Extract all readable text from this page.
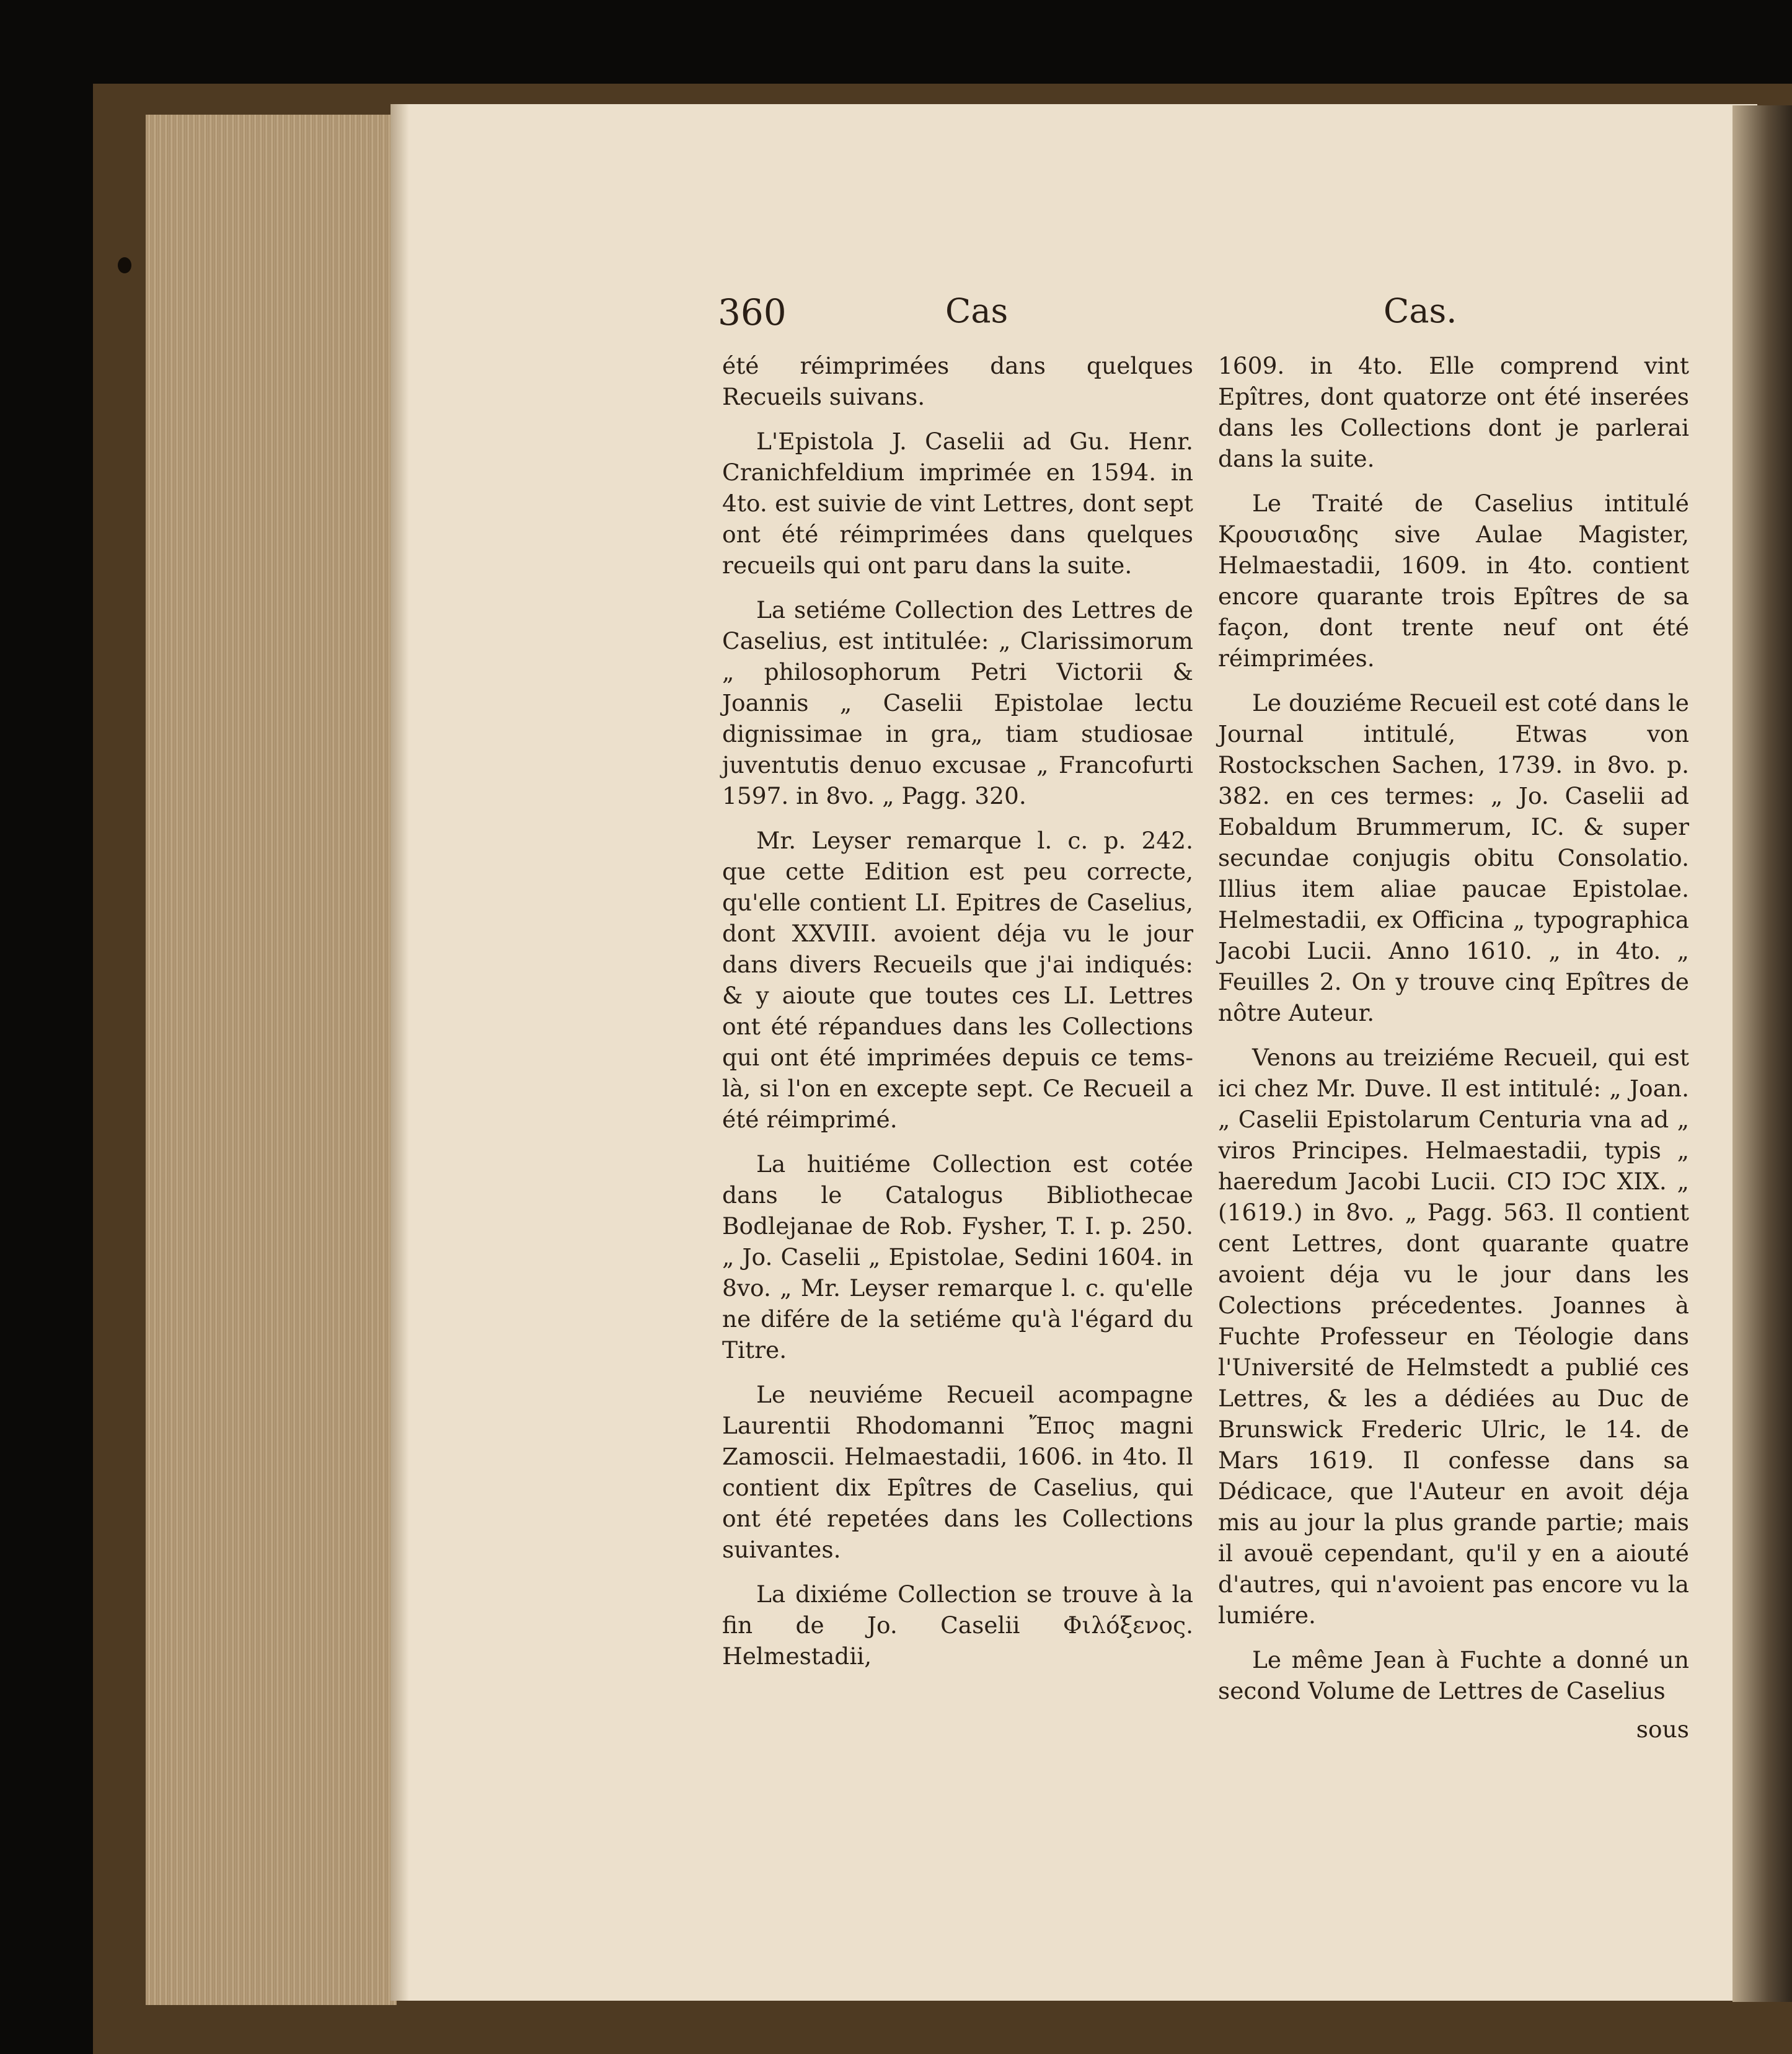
360	Cas	Cas.

été réimprimées dans quelques Recueils suivans.

L'Epistola J. Caselii ad Gu. Henr. Cranichfeldium imprimée en 1594. in 4to. est suivie de vint Lettres, dont sept ont été réimprimées dans quelques recueils qui ont paru dans la suite.

La setiéme Collection des Lettres de Caselius, est intitulée: „ Clarissimorum „ philosophorum Petri Victorii & Joannis „ Caselii Epistolae lectu dignissimae in gra„ tiam studiosae juventutis denuo excusae „ Francofurti 1597. in 8vo. „ Pagg. 320.

Mr. Leyser remarque l. c. p. 242. que cette Edition est peu correcte, qu'elle contient LI. Epitres de Caselius, dont XXVIII. avoient déja vu le jour dans divers Recueils que j'ai indiqués: & y aioute que toutes ces LI. Lettres ont été répandues dans les Collections qui ont été imprimées depuis ce tems-là, si l'on en excepte sept. Ce Recueil a été réimprimé.

La huitiéme Collection est cotée dans le Catalogus Bibliothecae Bodlejanae de Rob. Fysher, T. I. p. 250. „ Jo. Caselii „ Epistolae, Sedini 1604. in 8vo. „ Mr. Leyser remarque l. c. qu'elle ne difére de la setiéme qu'à l'égard du Titre.

Le neuviéme Recueil acompagne Laurentii Rhodomanni Ἔπος magni Zamoscii. Helmaestadii, 1606. in 4to. Il contient dix Epîtres de Caselius, qui ont été repetées dans les Collections suivantes.

La dixiéme Collection se trouve à la fin de Jo. Caselii Φιλόξενος. Helmestadii,

1609. in 4to. Elle comprend vint Epîtres, dont quatorze ont été inserées dans les Collections dont je parlerai dans la suite.

Le Traité de Caselius intitulé Κρουσιαδης sive Aulae Magister, Helmaestadii, 1609. in 4to. contient encore quarante trois Epîtres de sa façon, dont trente neuf ont été réimprimées.

Le douziéme Recueil est coté dans le Journal intitulé, Etwas von Rostockschen Sachen, 1739. in 8vo. p. 382. en ces termes: „ Jo. Caselii ad Eobaldum Brummerum, IC. & super secundae conjugis obitu Consolatio. Illius item aliae paucae Epistolae. Helmestadii, ex Officina „ typographica Jacobi Lucii. Anno 1610. „ in 4to. „ Feuilles 2. On y trouve cinq Epîtres de nôtre Auteur.

Venons au treiziéme Recueil, qui est ici chez Mr. Duve. Il est intitulé: „ Joan. „ Caselii Epistolarum Centuria vna ad „ viros Principes. Helmaestadii, typis „ haeredum Jacobi Lucii. CIↃ IↃC XIX. „ (1619.) in 8vo. „ Pagg. 563. Il contient cent Lettres, dont quarante quatre avoient déja vu le jour dans les Colections précedentes. Joannes à Fuchte Professeur en Téologie dans l'Université de Helmstedt a publié ces Lettres, & les a dédiées au Duc de Brunswick Frederic Ulric, le 14. de Mars 1619. Il confesse dans sa Dédicace, que l'Auteur en avoit déja mis au jour la plus grande partie; mais il avouë cependant, qu'il y en a aiouté d'autres, qui n'avoient pas encore vu la lumiére.

Le même Jean à Fuchte a donné un second Volume de Lettres de Caselius

sous
